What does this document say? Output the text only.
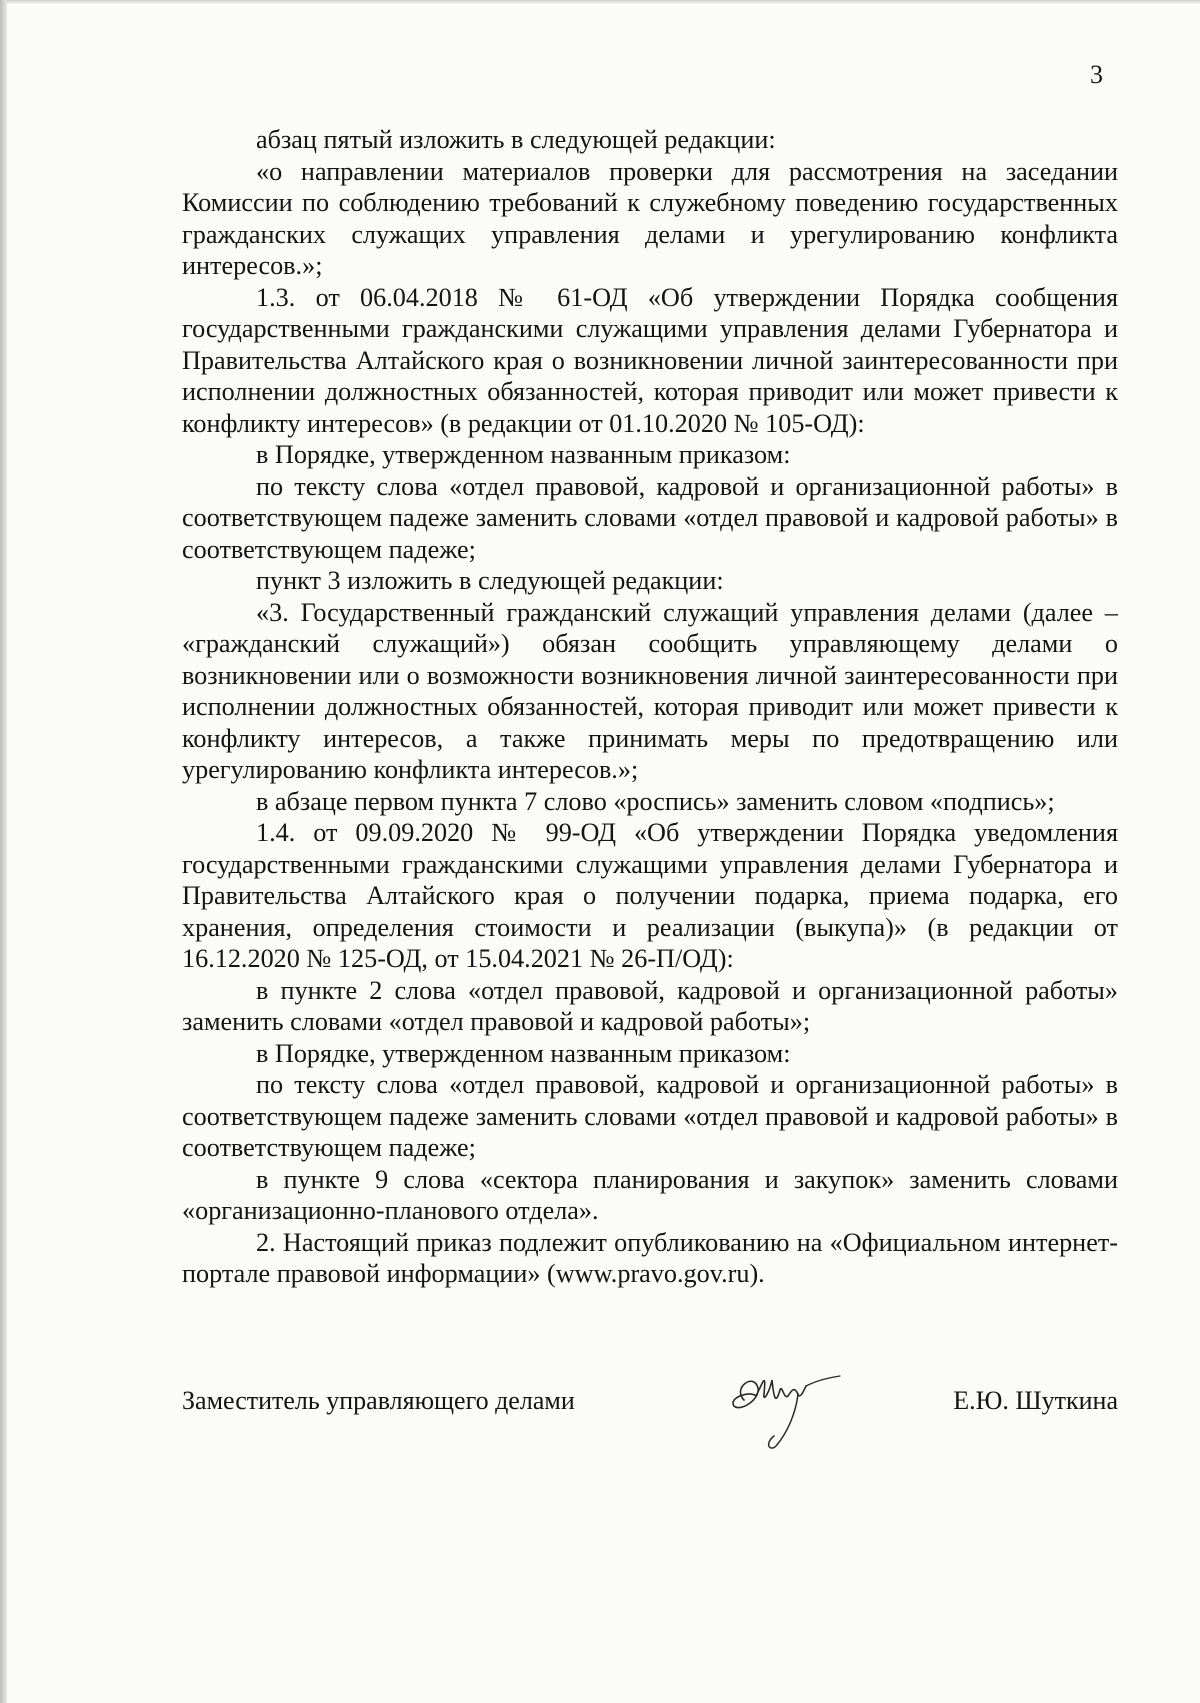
3

абзац пятый изложить в следующей редакции:

«о направлении материалов проверки для рассмотрения на заседании Комиссии по соблюдению требований к служебному поведению государственных гражданских служащих управления делами и урегулированию конфликта интересов.»;

1.3. от 06.04.2018 № 61-ОД «Об утверждении Порядка сообщения государственными гражданскими служащими управления делами Губернатора и Правительства Алтайского края о возникновении личной заинтересованности при исполнении должностных обязанностей, которая приводит или может привести к конфликту интересов» (в редакции от 01.10.2020 № 105-ОД):

в Порядке, утвержденном названным приказом:

по тексту слова «отдел правовой, кадровой и организационной работы» в соответствующем падеже заменить словами «отдел правовой и кадровой работы» в соответствующем падеже;

пункт 3 изложить в следующей редакции:

«3. Государственный гражданский служащий управления делами (далее – «гражданский служащий») обязан сообщить управляющему делами о возникновении или о возможности возникновения личной заинтересованности при исполнении должностных обязанностей, которая приводит или может привести к конфликту интересов, а также принимать меры по предотвращению или урегулированию конфликта интересов.»;

в абзаце первом пункта 7 слово «роспись» заменить словом «подпись»;

1.4. от 09.09.2020 № 99-ОД «Об утверждении Порядка уведомления государственными гражданскими служащими управления делами Губернатора и Правительства Алтайского края о получении подарка, приема подарка, его хранения, определения стоимости и реализации (выкупа)» (в редакции от 16.12.2020 № 125-ОД, от 15.04.2021 № 26-П/ОД):

в пункте 2 слова «отдел правовой, кадровой и организационной работы» заменить словами «отдел правовой и кадровой работы»;

в Порядке, утвержденном названным приказом:

по тексту слова «отдел правовой, кадровой и организационной работы» в соответствующем падеже заменить словами «отдел правовой и кадровой работы» в соответствующем падеже;

в пункте 9 слова «сектора планирования и закупок» заменить словами «организационно-планового отдела».

2. Настоящий приказ подлежит опубликованию на «Официальном интернет-портале правовой информации» (www.pravo.gov.ru).

Заместитель управляющего делами	Е.Ю. Шуткина
